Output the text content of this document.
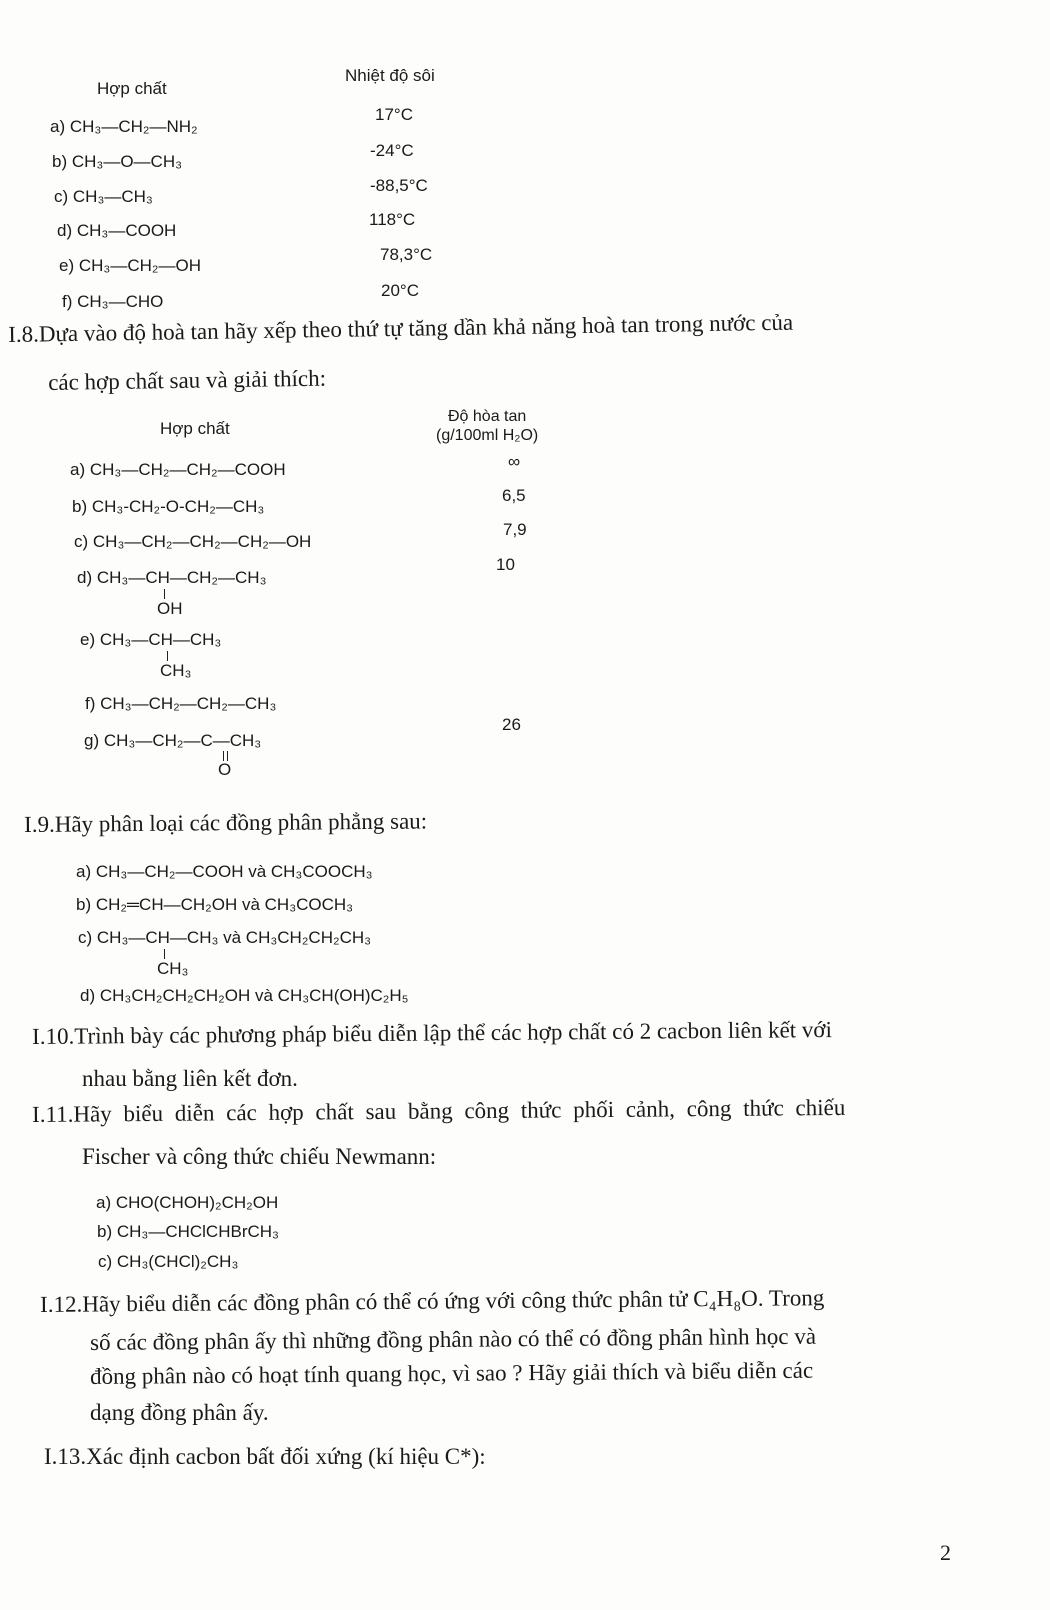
Hợp chất
Nhiệt độ sôi
a) CH₃—CH₂—NH₂
17°C
b) CH₃—O—CH₃
-24°C
c) CH₃—CH₃
-88,5°C
d) CH₃—COOH
118°C
e) CH₃—CH₂—OH
78,3°C
f) CH₃—CHO
20°C
I.8.Dựa vào độ hoà tan hãy xếp theo thứ tự tăng dần khả năng hoà tan trong nước của
các hợp chất sau và giải thích:
Hợp chất
Độ hòa tan
(g/100ml H₂O)
a) CH₃—CH₂—CH₂—COOH	∞
b) CH₃-CH₂-O-CH₂—CH₃
6,5
c) CH₃—CH₂—CH₂—CH₂—OH
7,9
d) CH₃—CH—CH₂—CH₃
OH
10
e) CH₃—CH—CH₃
CH₃
f) CH₃—CH₂—CH₂—CH₃
g) CH₃—CH₂—C—CH₃
O
26
I.9.Hãy phân loại các đồng phân phẳng sau:
a) CH₃—CH₂—COOH và CH₃COOCH₃
b) CH₂═CH—CH₂OH và CH₃COCH₃
c) CH₃—CH—CH₃ và CH₃CH₂CH₂CH₃
CH₃
d) CH₃CH₂CH₂CH₂OH và CH₃CH(OH)C₂H₅
I.10.Trình bày các phương pháp biểu diễn lập thể các hợp chất có 2 cacbon liên kết với
nhau bằng liên kết đơn.
I.11.Hãy biểu diễn các hợp chất sau bằng công thức phối cảnh, công thức chiếu
Fischer và công thức chiếu Newmann:
a) CHO(CHOH)₂CH₂OH
b) CH₃—CHClCHBrCH₃
c) CH₃(CHCl)₂CH₃
I.12.Hãy biểu diễn các đồng phân có thể có ứng với công thức phân tử C₄H₈O. Trong
số các đồng phân ấy thì những đồng phân nào có thể có đồng phân hình học và
đồng phân nào có hoạt tính quang học, vì sao ? Hãy giải thích và biểu diễn các
dạng đồng phân ấy.
I.13.Xác định cacbon bất đối xứng (kí hiệu C*):
2
